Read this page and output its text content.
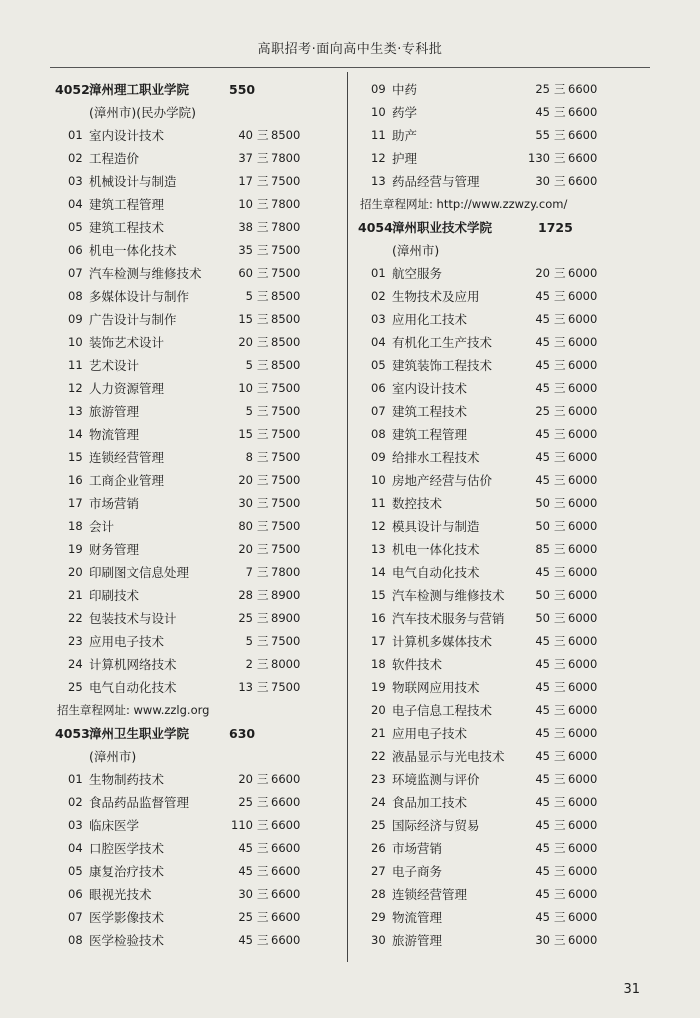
高职招考·面向高中生类·专科批
4052 漳州理工职业学院	550
(漳州市)(民办学院)
01 室内设计技术	40 三 8500
02 工程造价	37 三 7800
03 机械设计与制造	17 三 7500
04 建筑工程管理	10 三 7800
05 建筑工程技术	38 三 7800
06 机电一体化技术	35 三 7500
07 汽车检测与维修技术	60 三 7500
08 多媒体设计与制作	5 三 8500
09 广告设计与制作	15 三 8500
10 装饰艺术设计	20 三 8500
11 艺术设计	5 三 8500
12 人力资源管理	10 三 7500
13 旅游管理	5 三 7500
14 物流管理	15 三 7500
15 连锁经营管理	8 三 7500
16 工商企业管理	20 三 7500
17 市场营销	30 三 7500
18 会计	80 三 7500
19 财务管理	20 三 7500
20 印刷图文信息处理	7 三 7800
21 印刷技术	28 三 8900
22 包装技术与设计	25 三 8900
23 应用电子技术	5 三 7500
24 计算机网络技术	2 三 8000
25 电气自动化技术	13 三 7500
招生章程网址: www.zzlg.org
4053 漳州卫生职业学院	630
(漳州市)
01 生物制药技术	20 三 6600
02 食品药品监督管理	25 三 6600
03 临床医学	110 三 6600
04 口腔医学技术	45 三 6600
05 康复治疗技术	45 三 6600
06 眼视光技术	30 三 6600
07 医学影像技术	25 三 6600
08 医学检验技术	45 三 6600
09 中药	25 三 6600
10 药学	45 三 6600
11 助产	55 三 6600
12 护理	130 三 6600
13 药品经营与管理	30 三 6600
招生章程网址: http://www.zzwzy.com/
4054 漳州职业技术学院	1725
(漳州市)
01 航空服务	20 三 6000
02 生物技术及应用	45 三 6000
03 应用化工技术	45 三 6000
04 有机化工生产技术	45 三 6000
05 建筑装饰工程技术	45 三 6000
06 室内设计技术	45 三 6000
07 建筑工程技术	25 三 6000
08 建筑工程管理	45 三 6000
09 给排水工程技术	45 三 6000
10 房地产经营与估价	45 三 6000
11 数控技术	50 三 6000
12 模具设计与制造	50 三 6000
13 机电一体化技术	85 三 6000
14 电气自动化技术	45 三 6000
15 汽车检测与维修技术	50 三 6000
16 汽车技术服务与营销	50 三 6000
17 计算机多媒体技术	45 三 6000
18 软件技术	45 三 6000
19 物联网应用技术	45 三 6000
20 电子信息工程技术	45 三 6000
21 应用电子技术	45 三 6000
22 液晶显示与光电技术	45 三 6000
23 环境监测与评价	45 三 6000
24 食品加工技术	45 三 6000
25 国际经济与贸易	45 三 6000
26 市场营销	45 三 6000
27 电子商务	45 三 6000
28 连锁经营管理	45 三 6000
29 物流管理	45 三 6000
30 旅游管理	30 三 6000
31
